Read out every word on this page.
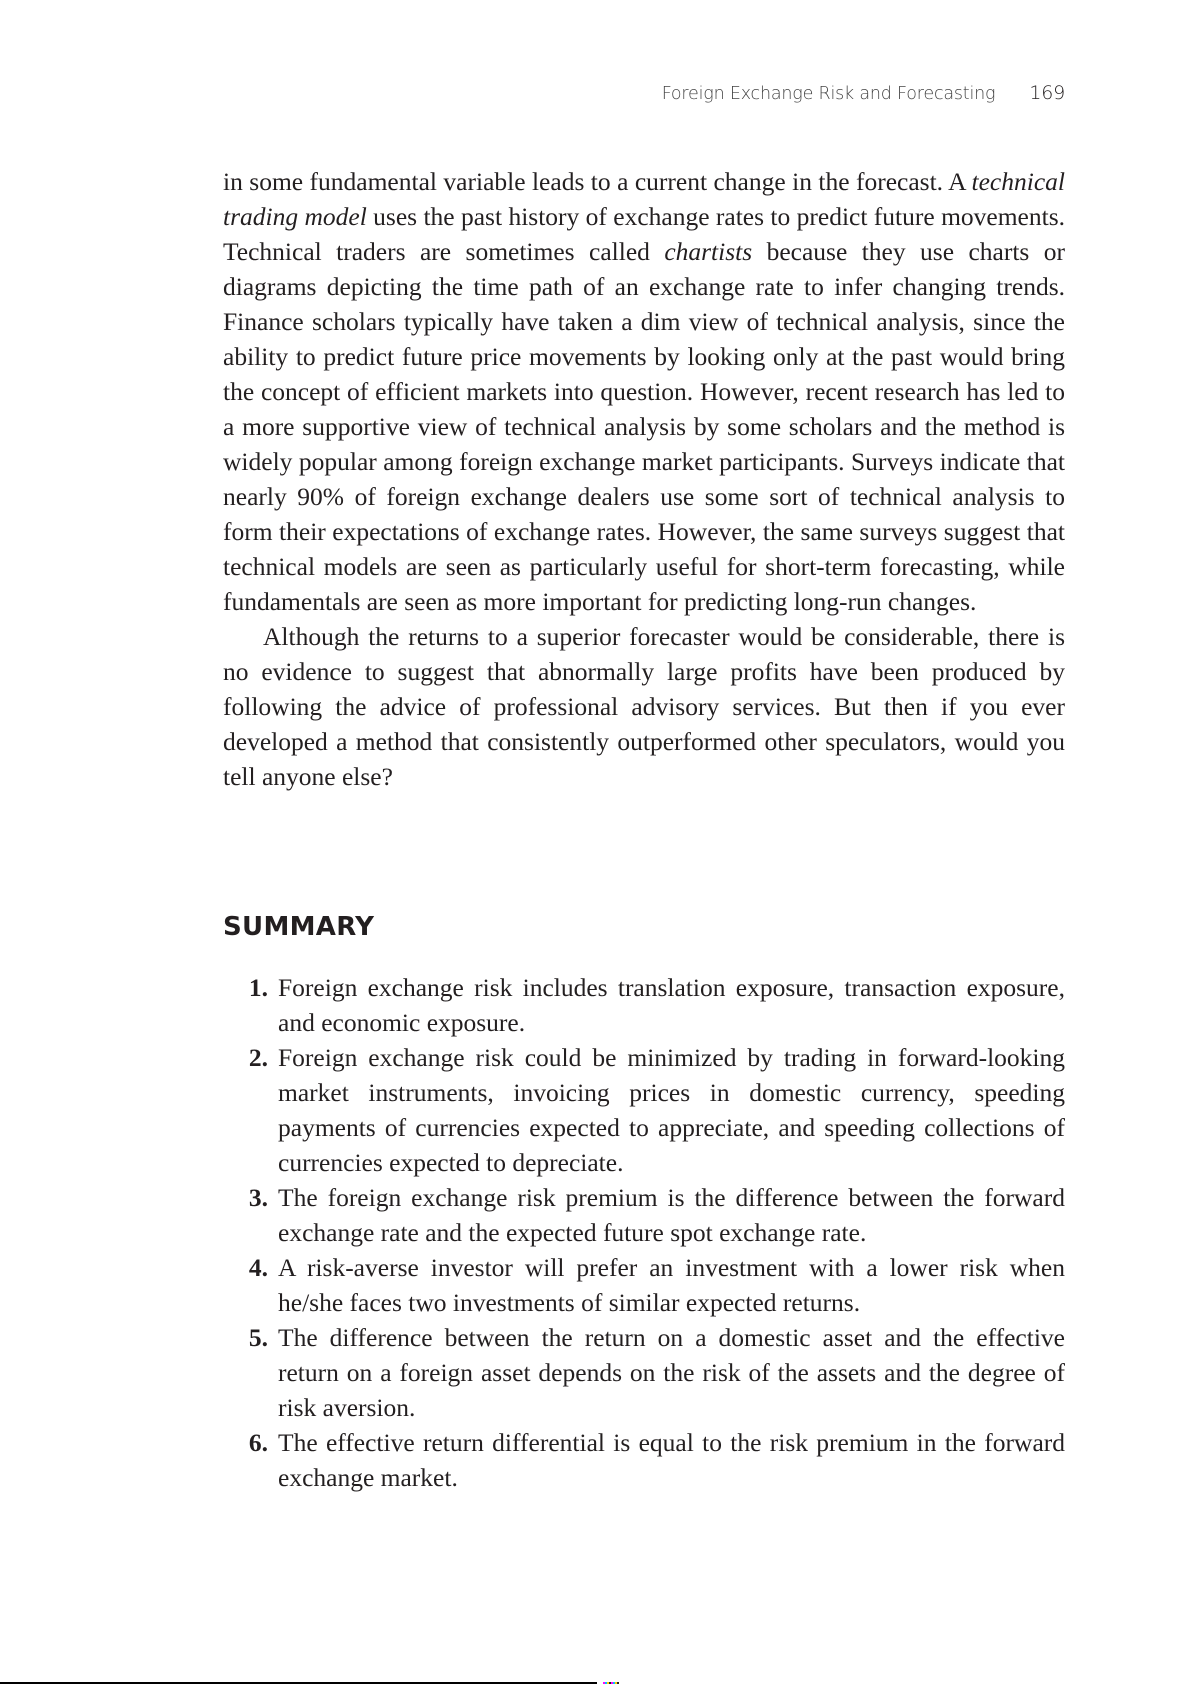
Foreign Exchange Risk and Forecasting 169

in some fundamental variable leads to a current change in the forecast. A technical trading model uses the past history of exchange rates to predict future movements. Technical traders are sometimes called chartists because they use charts or diagrams depicting the time path of an exchange rate to infer changing trends. Finance scholars typically have taken a dim view of technical analysis, since the ability to predict future price movements by looking only at the past would bring the concept of efficient markets into question. However, recent research has led to a more supportive view of technical analysis by some scholars and the method is widely popular among foreign exchange market participants. Surveys indicate that nearly 90% of foreign exchange dealers use some sort of technical analysis to form their expectations of exchange rates. However, the same surveys suggest that technical models are seen as particularly useful for short-term forecasting, while fundamentals are seen as more important for predicting long-run changes.

Although the returns to a superior forecaster would be considerable, there is no evidence to suggest that abnormally large profits have been produced by following the advice of professional advisory services. But then if you ever developed a method that consistently outperformed other speculators, would you tell anyone else?

SUMMARY
1. Foreign exchange risk includes translation exposure, transaction exposure, and economic exposure.
2. Foreign exchange risk could be minimized by trading in forward-looking market instruments, invoicing prices in domestic currency, speeding payments of currencies expected to appreciate, and speeding collections of currencies expected to depreciate.
3. The foreign exchange risk premium is the difference between the forward exchange rate and the expected future spot exchange rate.
4. A risk-averse investor will prefer an investment with a lower risk when he/she faces two investments of similar expected returns.
5. The difference between the return on a domestic asset and the effective return on a foreign asset depends on the risk of the assets and the degree of risk aversion.
6. The effective return differential is equal to the risk premium in the forward exchange market.
